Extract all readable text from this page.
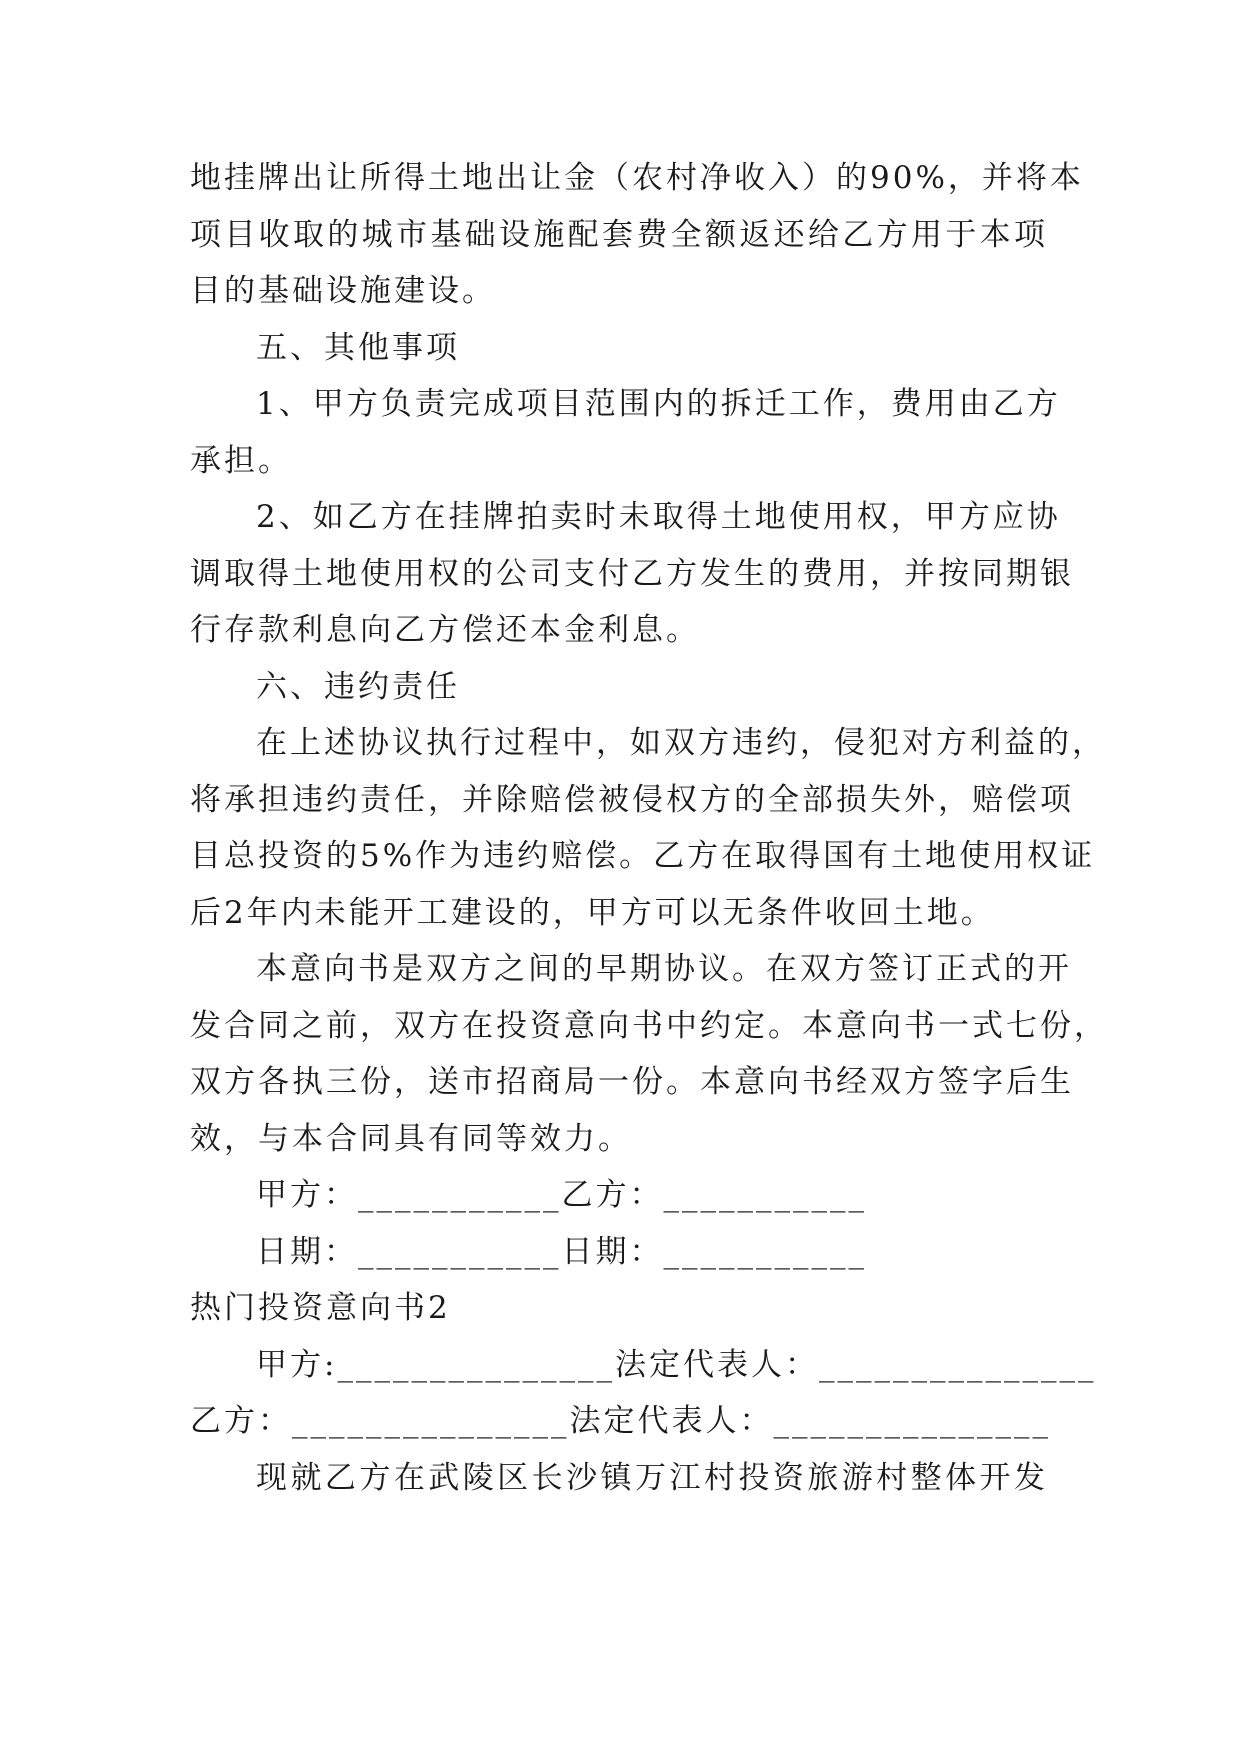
地挂牌出让所得土地出让金（农村净收入）的90%，并将本
项目收取的城市基础设施配套费全额返还给乙方用于本项
目的基础设施建设。
五、其他事项
1、甲方负责完成项目范围内的拆迁工作，费用由乙方
承担。
2、如乙方在挂牌拍卖时未取得土地使用权，甲方应协
调取得土地使用权的公司支付乙方发生的费用，并按同期银
行存款利息向乙方偿还本金利息。
六、违约责任
在上述协议执行过程中，如双方违约，侵犯对方利益的，
将承担违约责任，并除赔偿被侵权方的全部损失外，赔偿项
目总投资的5%作为违约赔偿。乙方在取得国有土地使用权证
后2年内未能开工建设的，甲方可以无条件收回土地。
本意向书是双方之间的早期协议。在双方签订正式的开
发合同之前，双方在投资意向书中约定。本意向书一式七份，
双方各执三份，送市招商局一份。本意向书经双方签字后生
效，与本合同具有同等效力。
甲方：___________乙方：___________
日期：___________日期：___________
热门投资意向书2
甲方:_______________法定代表人：_______________
乙方：_______________法定代表人：_______________
现就乙方在武陵区长沙镇万江村投资旅游村整体开发
